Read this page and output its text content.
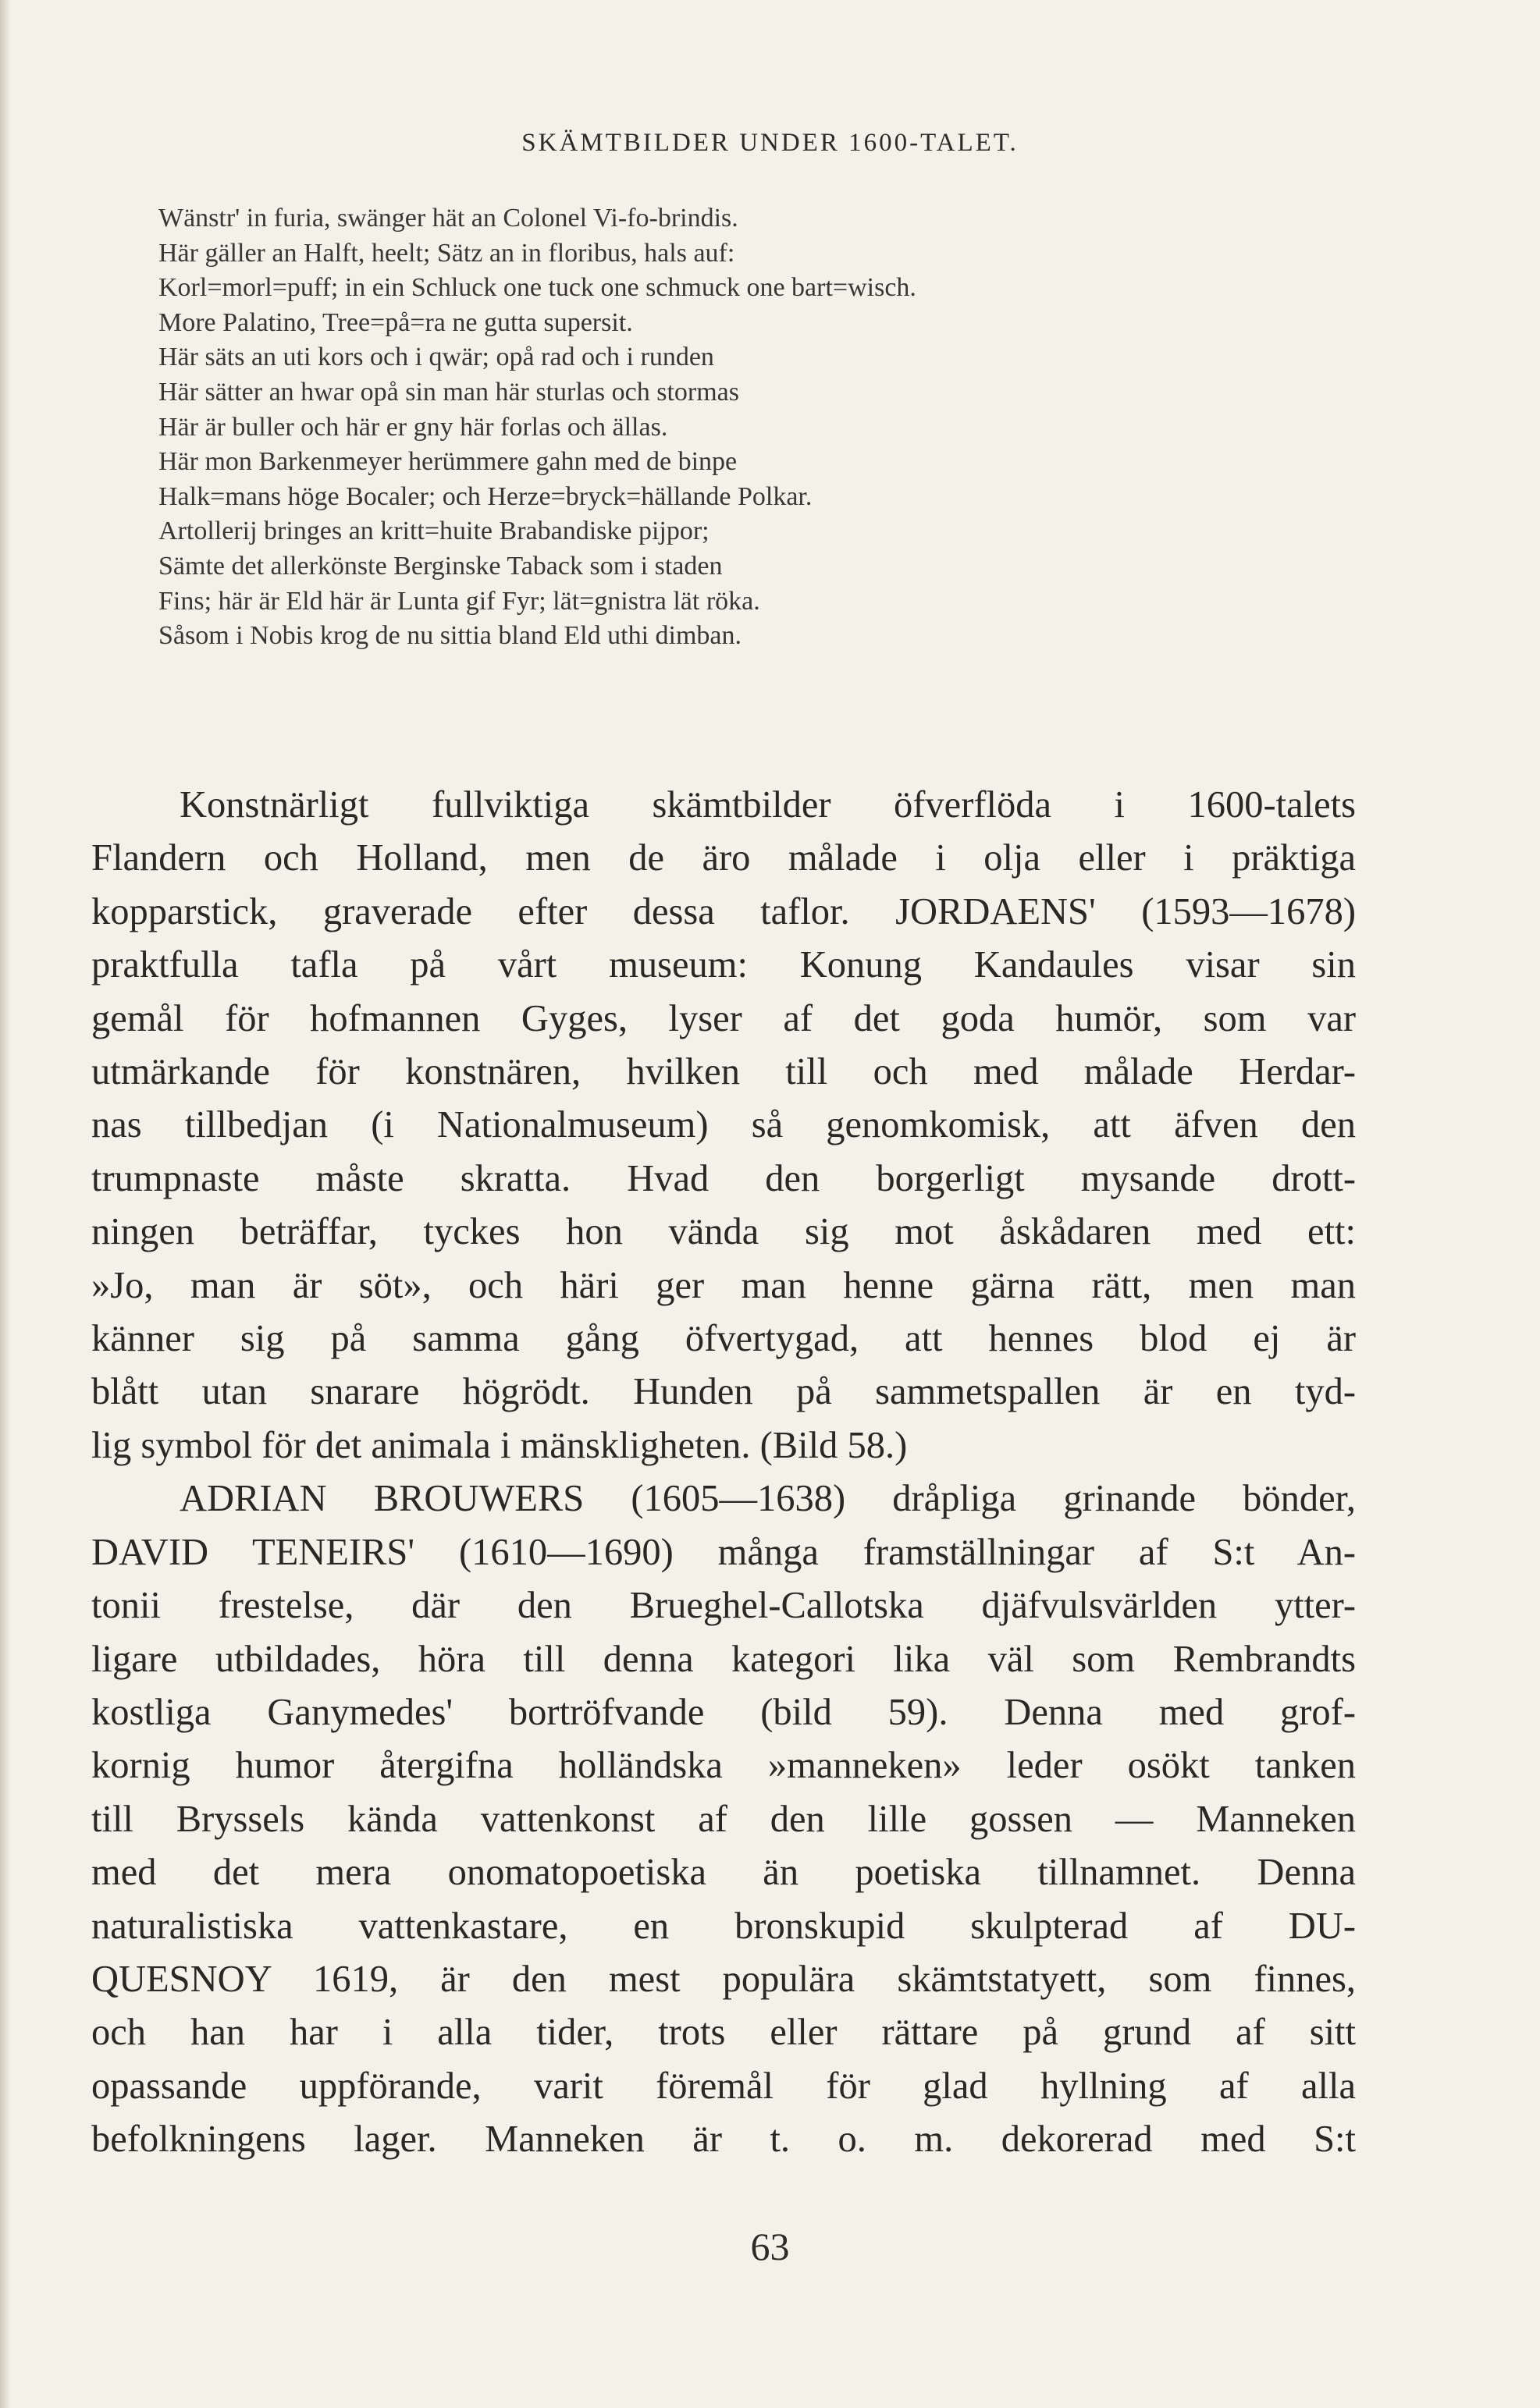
SKÄMTBILDER UNDER 1600-TALET.
Wänstr' in furia, swänger hät an Colonel Vi-fo-brindis.
Här gäller an Halft, heelt; Sätz an in floribus, hals auf:
Korl=morl=puff; in ein Schluck one tuck one schmuck one bart=wisch.
More Palatino, Tree=på=ra ne gutta supersit.
Här säts an uti kors och i qwär; opå rad och i runden
Här sätter an hwar opå sin man här sturlas och stormas
Här är buller och här er gny här forlas och ällas.
Här mon Barkenmeyer herümmere gahn med de binpe
Halk=mans höge Bocaler; och Herze=bryck=hällande Polkar.
Artollerij bringes an kritt=huite Brabandiske pijpor;
Sämte det allerkönste Berginske Taback som i staden
Fins; här är Eld här är Lunta gif Fyr; lät=gnistra lät röka.
Såsom i Nobis krog de nu sittia bland Eld uthi dimban.
Konstnärligt fullviktiga skämtbilder öfverflöda i 1600-talets
Flandern och Holland, men de äro målade i olja eller i präktiga
kopparstick, graverade efter dessa taflor. JORDAENS' (1593—1678)
praktfulla tafla på vårt museum: Konung Kandaules visar sin
gemål för hofmannen Gyges, lyser af det goda humör, som var
utmärkande för konstnären, hvilken till och med målade Herdar-
nas tillbedjan (i Nationalmuseum) så genomkomisk, att äfven den
trumpnaste måste skratta. Hvad den borgerligt mysande drott-
ningen beträffar, tyckes hon vända sig mot åskådaren med ett:
»Jo, man är söt», och häri ger man henne gärna rätt, men man
känner sig på samma gång öfvertygad, att hennes blod ej är
blått utan snarare högrödt. Hunden på sammetspallen är en tyd-
lig symbol för det animala i mänskligheten. (Bild 58.)
ADRIAN BROUWERS (1605—1638) dråpliga grinande bönder,
DAVID TENEIRS' (1610—1690) många framställningar af S:t An-
tonii frestelse, där den Brueghel-Callotska djäfvulsvärlden ytter-
ligare utbildades, höra till denna kategori lika väl som Rembrandts
kostliga Ganymedes' bortröfvande (bild 59). Denna med grof-
kornig humor återgifna holländska »manneken» leder osökt tanken
till Bryssels kända vattenkonst af den lille gossen — Manneken
med det mera onomatopoetiska än poetiska tillnamnet. Denna
naturalistiska vattenkastare, en bronskupid skulpterad af DU-
QUESNOY 1619, är den mest populära skämtstatyett, som finnes,
och han har i alla tider, trots eller rättare på grund af sitt
opassande uppförande, varit föremål för glad hyllning af alla
befolkningens lager. Manneken är t. o. m. dekorerad med S:t
63
